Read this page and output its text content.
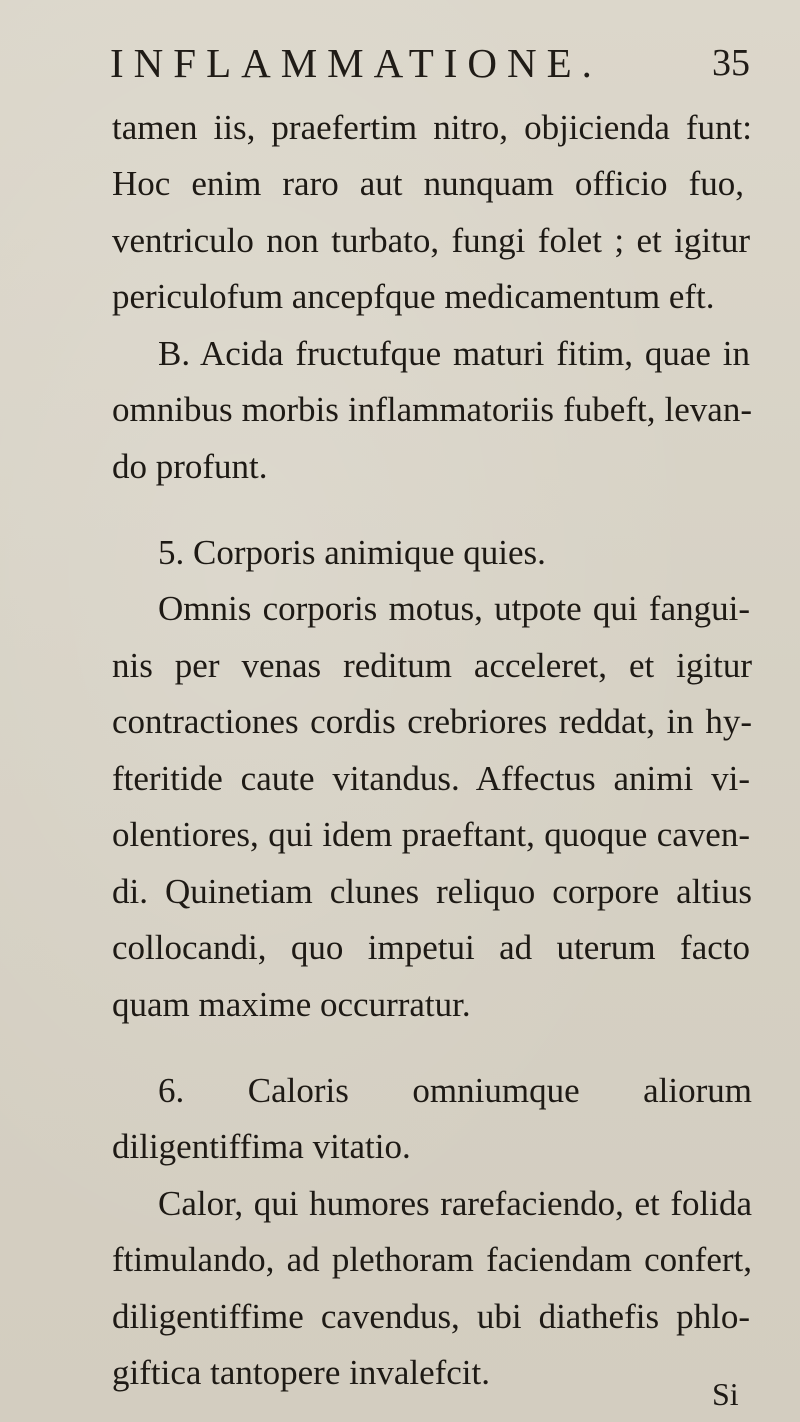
INFLAMMATIONE.	35
tamen iis, praefertim nitro, objicienda funt:
Hoc enim raro aut nunquam officio fuo,
ventriculo non turbato, fungi folet ; et igitur
periculofum ancepfque medicamentum eft.
B. Acida fructufque maturi fitim, quae in
omnibus morbis inflammatoriis fubeft, levan-
do profunt.
5. Corporis animique quies.
Omnis corporis motus, utpote qui fangui-
nis per venas reditum acceleret, et igitur
contractiones cordis crebriores reddat, in hy-
fteritide caute vitandus. Affectus animi vi-
olentiores, qui idem praeftant, quoque caven-
di. Quinetiam clunes reliquo corpore altius
collocandi, quo impetui ad uterum facto
quam maxime occurratur.
6. Caloris omniumque aliorum
diligentiffima vitatio.
Calor, qui humores rarefaciendo, et folida
ftimulando, ad plethoram faciendam confert,
diligentiffime cavendus, ubi diathefis phlo-
giftica tantopere invalefcit.
Si
